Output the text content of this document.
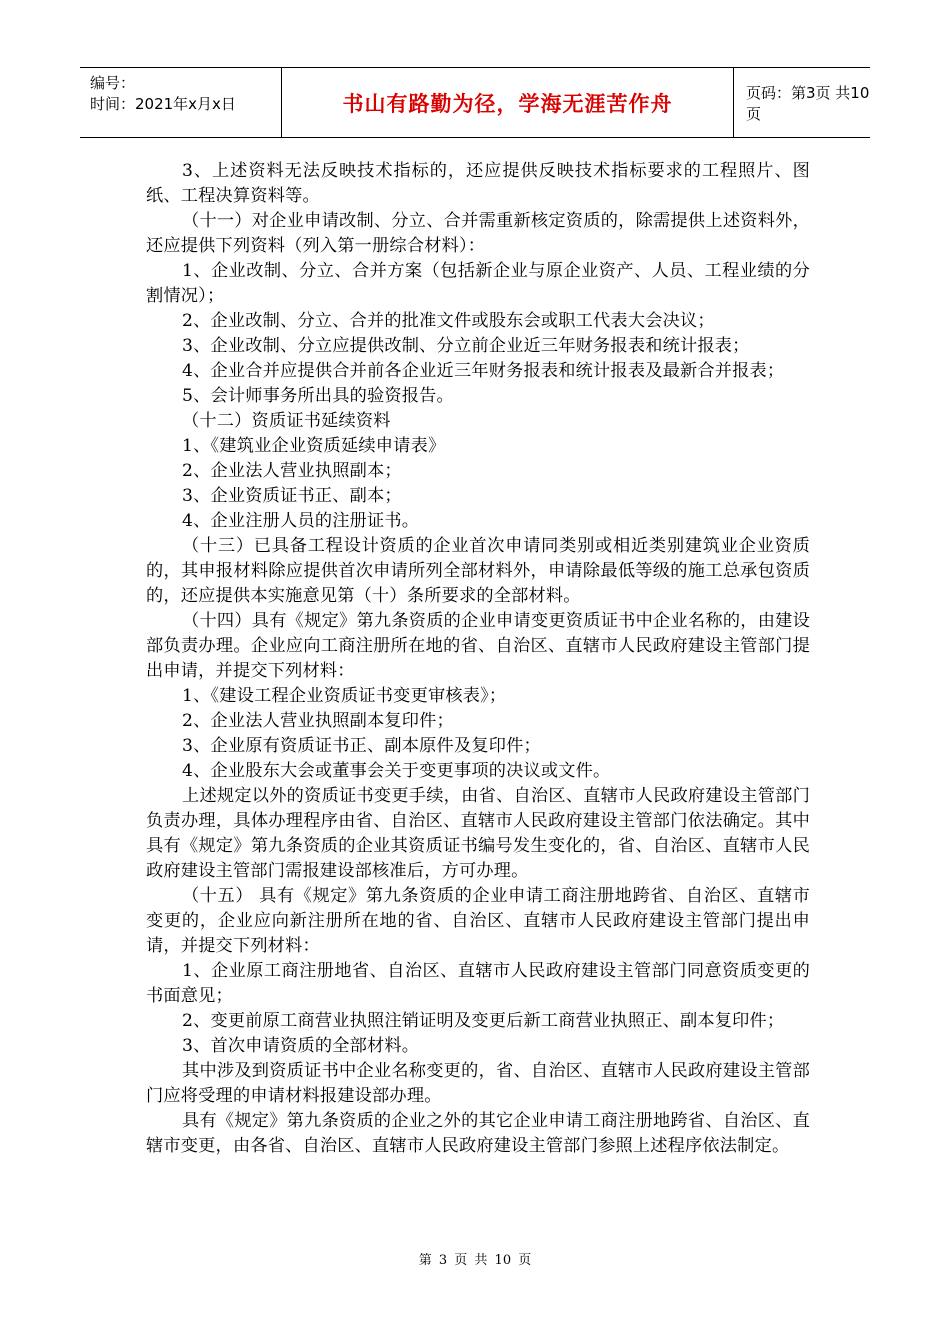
编号：
时间：2021年x月x日	书山有路勤为径，学海无涯苦作舟	页码：第3页 共10页

3、上述资料无法反映技术指标的，还应提供反映技术指标要求的工程照片、图纸、工程决算资料等。

（十一）对企业申请改制、分立、合并需重新核定资质的，除需提供上述资料外，还应提供下列资料（列入第一册综合材料）：

1、企业改制、分立、合并方案（包括新企业与原企业资产、人员、工程业绩的分割情况）；

2、企业改制、分立、合并的批准文件或股东会或职工代表大会决议；

3、企业改制、分立应提供改制、分立前企业近三年财务报表和统计报表；

4、企业合并应提供合并前各企业近三年财务报表和统计报表及最新合并报表；

5、会计师事务所出具的验资报告。

（十二）资质证书延续资料

1、《建筑业企业资质延续申请表》

2、企业法人营业执照副本；

3、企业资质证书正、副本；

4、企业注册人员的注册证书。

（十三）已具备工程设计资质的企业首次申请同类别或相近类别建筑业企业资质的，其申报材料除应提供首次申请所列全部材料外，申请除最低等级的施工总承包资质的，还应提供本实施意见第（十）条所要求的全部材料。

（十四）具有《规定》第九条资质的企业申请变更资质证书中企业名称的，由建设部负责办理。企业应向工商注册所在地的省、自治区、直辖市人民政府建设主管部门提出申请，并提交下列材料：

1、《建设工程企业资质证书变更审核表》；

2、企业法人营业执照副本复印件；

3、企业原有资质证书正、副本原件及复印件；

4、企业股东大会或董事会关于变更事项的决议或文件。

上述规定以外的资质证书变更手续，由省、自治区、直辖市人民政府建设主管部门负责办理，具体办理程序由省、自治区、直辖市人民政府建设主管部门依法确定。其中具有《规定》第九条资质的企业其资质证书编号发生变化的，省、自治区、直辖市人民政府建设主管部门需报建设部核准后，方可办理。

（十五） 具有《规定》第九条资质的企业申请工商注册地跨省、自治区、直辖市变更的，企业应向新注册所在地的省、自治区、直辖市人民政府建设主管部门提出申请，并提交下列材料：

1、企业原工商注册地省、自治区、直辖市人民政府建设主管部门同意资质变更的书面意见；

2、变更前原工商营业执照注销证明及变更后新工商营业执照正、副本复印件；

3、首次申请资质的全部材料。

其中涉及到资质证书中企业名称变更的，省、自治区、直辖市人民政府建设主管部门应将受理的申请材料报建设部办理。

具有《规定》第九条资质的企业之外的其它企业申请工商注册地跨省、自治区、直辖市变更，由各省、自治区、直辖市人民政府建设主管部门参照上述程序依法制定。

第 3 页 共 10 页
